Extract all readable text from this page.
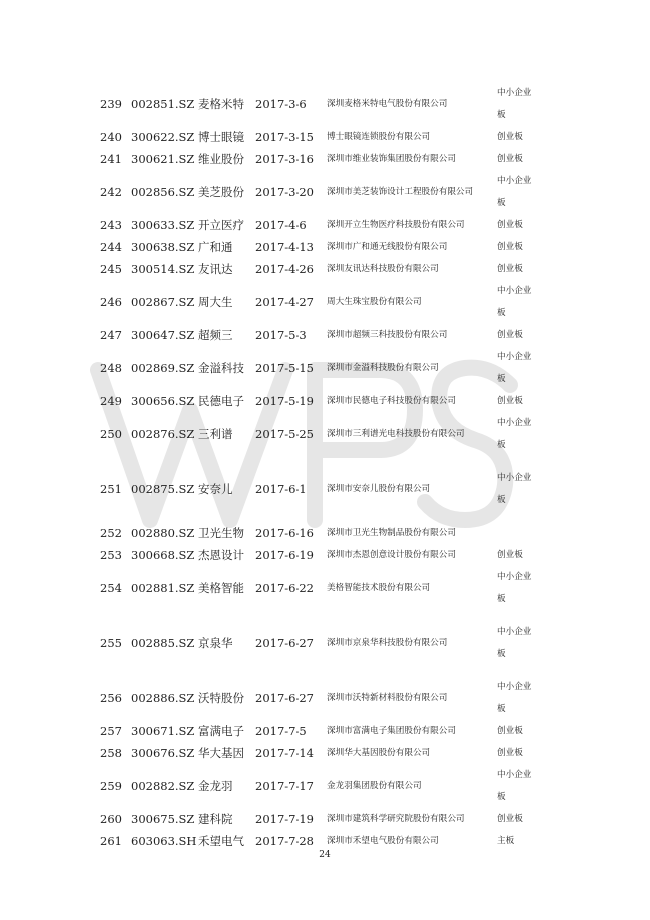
239	002851.SZ	麦格米特	2017-3-6	深圳麦格米特电气股份有限公司	中小企业板
240	300622.SZ	博士眼镜	2017-3-15	博士眼镜连锁股份有限公司	创业板
241	300621.SZ	维业股份	2017-3-16	深圳市维业装饰集团股份有限公司	创业板
242	002856.SZ	美芝股份	2017-3-20	深圳市美芝装饰设计工程股份有限公司	中小企业板
243	300633.SZ	开立医疗	2017-4-6	深圳开立生物医疗科技股份有限公司	创业板
244	300638.SZ	广和通	2017-4-13	深圳市广和通无线股份有限公司	创业板
245	300514.SZ	友讯达	2017-4-26	深圳友讯达科技股份有限公司	创业板
246	002867.SZ	周大生	2017-4-27	周大生珠宝股份有限公司	中小企业板
247	300647.SZ	超频三	2017-5-3	深圳市超频三科技股份有限公司	创业板
248	002869.SZ	金溢科技	2017-5-15	深圳市金溢科技股份有限公司	中小企业板
249	300656.SZ	民德电子	2017-5-19	深圳市民德电子科技股份有限公司	创业板
250	002876.SZ	三利谱	2017-5-25	深圳市三利谱光电科技股份有限公司	中小企业板
251	002875.SZ	安奈儿	2017-6-1	深圳市安奈儿股份有限公司	中小企业板
252	002880.SZ	卫光生物	2017-6-16	深圳市卫光生物制品股份有限公司	
253	300668.SZ	杰恩设计	2017-6-19	深圳市杰恩创意设计股份有限公司	创业板
254	002881.SZ	美格智能	2017-6-22	美格智能技术股份有限公司	中小企业板
255	002885.SZ	京泉华	2017-6-27	深圳市京泉华科技股份有限公司	中小企业板
256	002886.SZ	沃特股份	2017-6-27	深圳市沃特新材料股份有限公司	中小企业板
257	300671.SZ	富满电子	2017-7-5	深圳市富满电子集团股份有限公司	创业板
258	300676.SZ	华大基因	2017-7-14	深圳华大基因股份有限公司	创业板
259	002882.SZ	金龙羽	2017-7-17	金龙羽集团股份有限公司	中小企业板
260	300675.SZ	建科院	2017-7-19	深圳市建筑科学研究院股份有限公司	创业板
261	603063.SH	禾望电气	2017-7-28	深圳市禾望电气股份有限公司	主板
24
